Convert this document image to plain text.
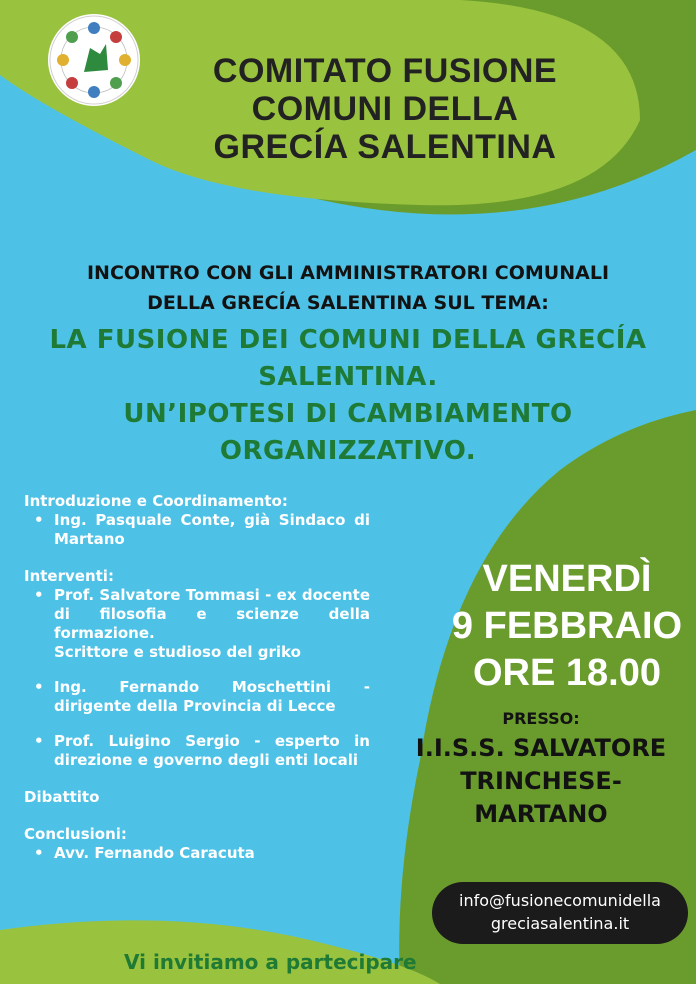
COMITATO FUSIONE
COMUNI DELLA
GRECÍA SALENTINA
INCONTRO CON GLI AMMINISTRATORI COMUNALI
DELLA GRECÍA SALENTINA SUL TEMA:
LA FUSIONE DEI COMUNI DELLA GRECÍA
SALENTINA.
UN’IPOTESI DI CAMBIAMENTO
ORGANIZZATIVO.
Introduzione e Coordinamento:
• Ing. Pasquale Conte, già Sindaco di Martano
Interventi:
• Prof. Salvatore Tommasi - ex docente di filosofia e scienze della formazione.
Scrittore e studioso del griko
• Ing. Fernando Moschettini - dirigente della Provincia di Lecce
• Prof. Luigino Sergio - esperto in direzione e governo degli enti locali
Dibattito
Conclusioni:
• Avv. Fernando Caracuta
Vi invitiamo a partecipare
VENERDÌ
9 FEBBRAIO
ORE 18.00
PRESSO:
I.I.S.S. SALVATORE
TRINCHESE-
MARTANO
info@fusionecomunidella
greciasalentina.it
